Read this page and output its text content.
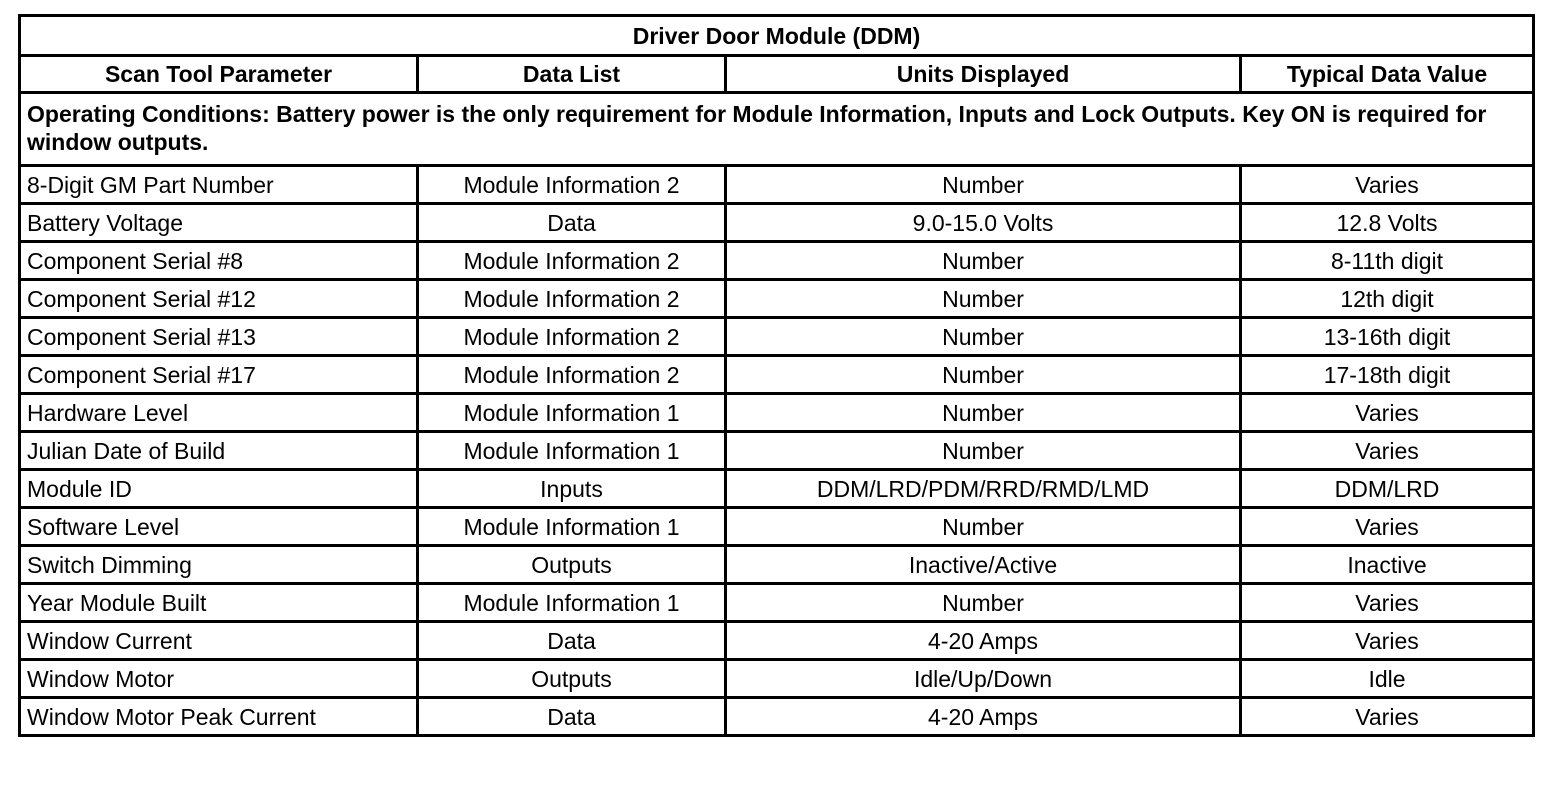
Driver Door Module (DDM)			
Scan Tool Parameter	Data List	Units Displayed	Typical Data Value
Operating Conditions: Battery power is the only requirement for Module Information, Inputs and Lock Outputs. Key ON is required for window outputs.			
8-Digit GM Part Number	Module Information 2	Number	Varies
Battery Voltage	Data	9.0-15.0 Volts	12.8 Volts
Component Serial #8	Module Information 2	Number	8-11th digit
Component Serial #12	Module Information 2	Number	12th digit
Component Serial #13	Module Information 2	Number	13-16th digit
Component Serial #17	Module Information 2	Number	17-18th digit
Hardware Level	Module Information 1	Number	Varies
Julian Date of Build	Module Information 1	Number	Varies
Module ID	Inputs	DDM/LRD/PDM/RRD/RMD/LMD	DDM/LRD
Software Level	Module Information 1	Number	Varies
Switch Dimming	Outputs	Inactive/Active	Inactive
Year Module Built	Module Information 1	Number	Varies
Window Current	Data	4-20 Amps	Varies
Window Motor	Outputs	Idle/Up/Down	Idle
Window Motor Peak Current	Data	4-20 Amps	Varies
